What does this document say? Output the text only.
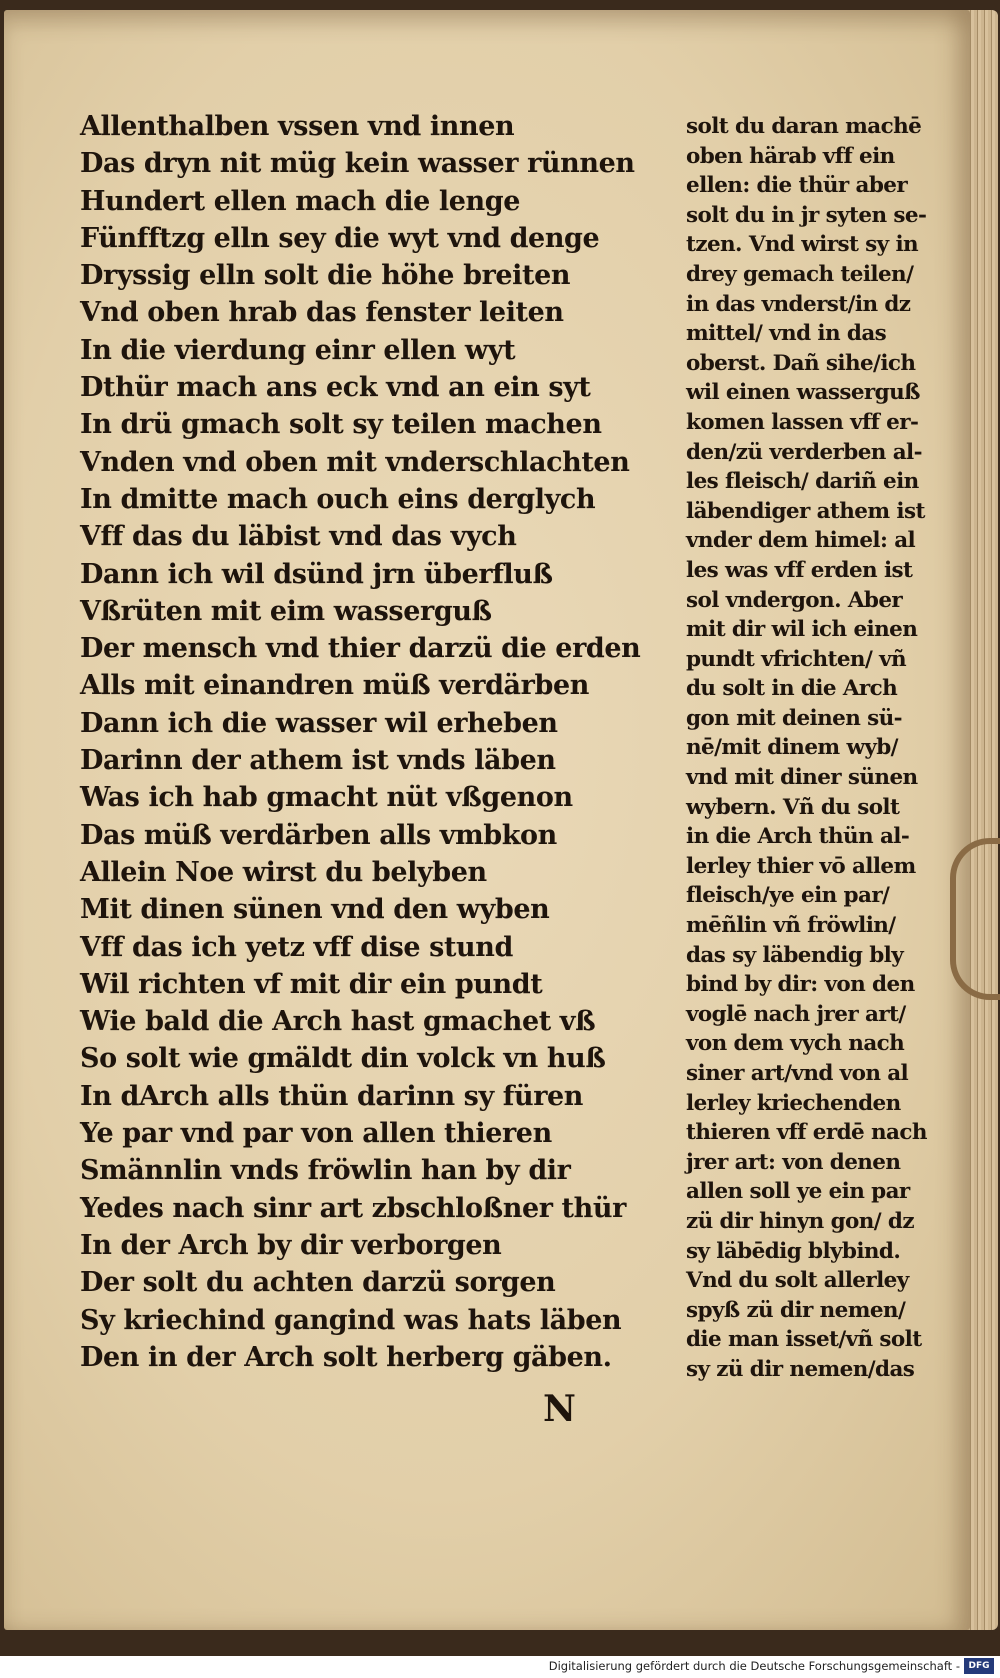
Allenthalben vssen vnd innen
Das dryn nit müg kein wasser rünnen
Hundert ellen mach die lenge
Fünfftzg elln sey die wyt vnd denge
Dryssig elln solt die höhe breiten
Vnd oben hrab das fenster leiten
In die vierdung einr ellen wyt
Dthür mach ans eck vnd an ein syt
In drü gmach solt sy teilen machen
Vnden vnd oben mit vnderschlachten
In dmitte mach ouch eins derglych
Vff das du läbist vnd das vych
Dann ich wil dsünd jrn überfluß
Vßrüten mit eim wasserguß
Der mensch vnd thier darzü die erden
Alls mit einandren müß verdärben
Dann ich die wasser wil erheben
Darinn der athem ist vnds läben
Was ich hab gmacht nüt vßgenon
Das müß verdärben alls vmbkon
Allein Noe wirst du belyben
Mit dinen sünen vnd den wyben
Vff das ich yetz vff dise stund
Wil richten vf mit dir ein pundt
Wie bald die Arch hast gmachet vß
So solt wie gmäldt din volck vn huß
In dArch alls thün darinn sy füren
Ye par vnd par von allen thieren
Smännlin vnds fröwlin han by dir
Yedes nach sinr art zbschloßner thür
In der Arch by dir verborgen
Der solt du achten darzü sorgen
Sy kriechind gangind was hats läben
Den in der Arch solt herberg gäben.
solt du daran machē
oben härab vff ein
ellen: die thür aber
solt du in jr syten se-
tzen. Vnd wirst sy in
drey gemach teilen/
in das vnderst/in dz
mittel/ vnd in das
oberst. Dañ sihe/ich
wil einen wasserguß
komen lassen vff er-
den/zü verderben al-
les fleisch/ dariñ ein
läbendiger athem ist
vnder dem himel: al
les was vff erden ist
sol vndergon. Aber
mit dir wil ich einen
pundt vfrichten/ vñ
du solt in die Arch
gon mit deinen sü-
nē/mit dinem wyb/
vnd mit diner sünen
wybern. Vñ du solt
in die Arch thün al-
lerley thier vō allem
fleisch/ye ein par/
mēñlin vñ fröwlin/
das sy läbendig bly
bind by dir: von den
voglē nach jrer art/
von dem vych nach
siner art/vnd von al
lerley kriechenden
thieren vff erdē nach
jrer art: von denen
allen soll ye ein par
zü dir hinyn gon/ dz
sy läbēdig blybind.
Vnd du solt allerley
spyß zü dir nemen/
die man isset/vñ solt
sy zü dir nemen/das
N
Digitalisierung gefördert durch die Deutsche Forschungsgemeinschaft - DFG
